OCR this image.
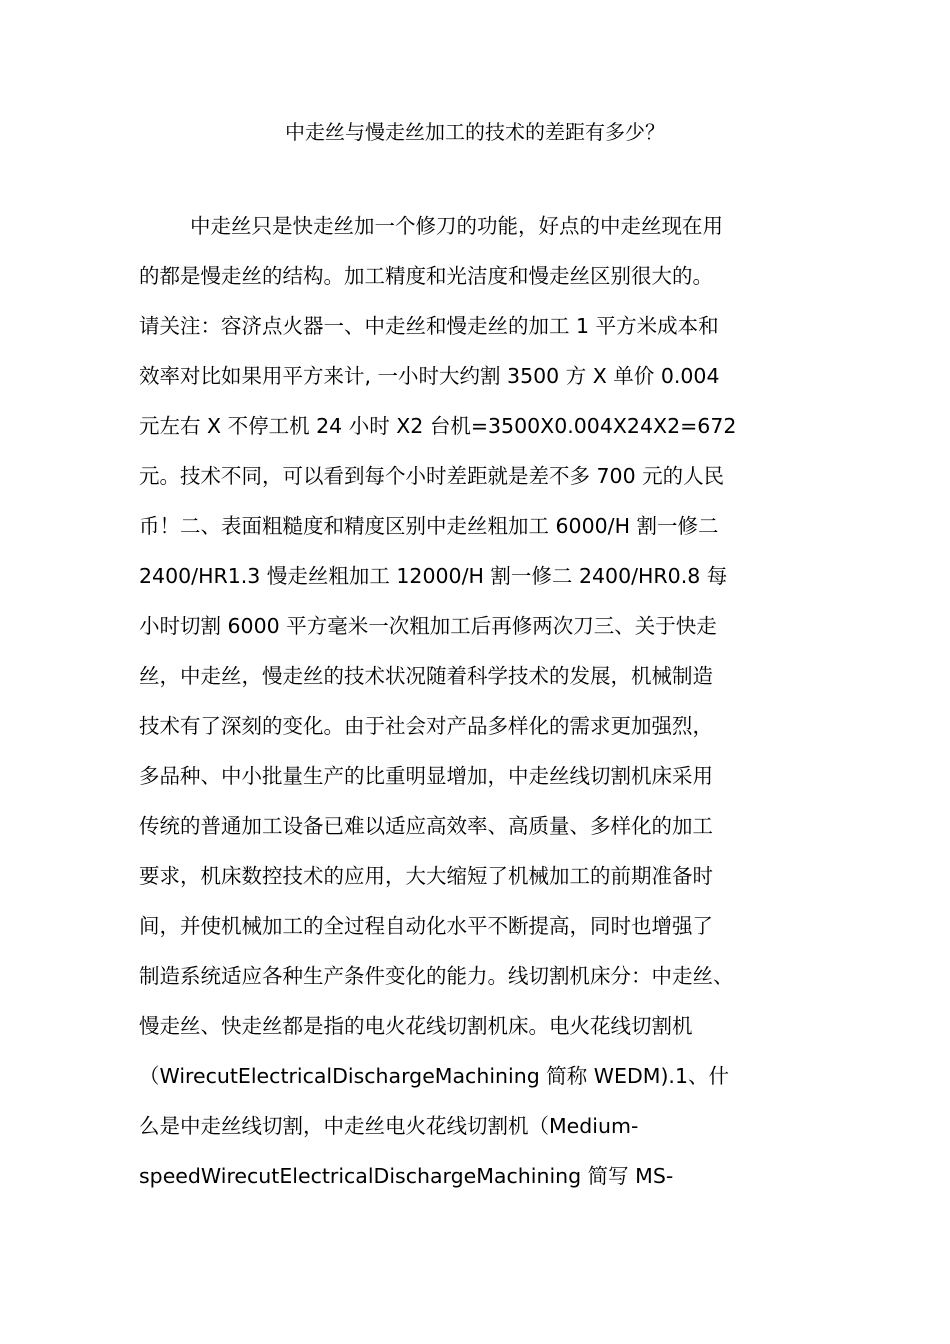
中走丝与慢走丝加工的技术的差距有多少？
中走丝只是快走丝加一个修刀的功能，好点的中走丝现在用
的都是慢走丝的结构。加工精度和光洁度和慢走丝区别很大的。
请关注：容济点火器一、中走丝和慢走丝的加工 1 平方米成本和
效率对比如果用平方来计, 一小时大约割 3500 方 X 单价 0.004
元左右 X 不停工机 24 小时 X2 台机=3500X0.004X24X2=672
元。技术不同，可以看到每个小时差距就是差不多 700 元的人民
币！二、表面粗糙度和精度区别中走丝粗加工 6000/H 割一修二
2400/HR1.3 慢走丝粗加工 12000/H 割一修二 2400/HR0.8 每
小时切割 6000 平方毫米一次粗加工后再修两次刀三、关于快走
丝，中走丝，慢走丝的技术状况随着科学技术的发展，机械制造
技术有了深刻的变化。由于社会对产品多样化的需求更加强烈，
多品种、中小批量生产的比重明显增加，中走丝线切割机床采用
传统的普通加工设备已难以适应高效率、高质量、多样化的加工
要求，机床数控技术的应用，大大缩短了机械加工的前期准备时
间，并使机械加工的全过程自动化水平不断提高，同时也增强了
制造系统适应各种生产条件变化的能力。线切割机床分：中走丝、
慢走丝、快走丝都是指的电火花线切割机床。电火花线切割机
（WirecutElectricalDischargeMachining 简称 WEDM).1、什
么是中走丝线切割，中走丝电火花线切割机（Medium-
speedWirecutElectricalDischargeMachining 简写 MS-
